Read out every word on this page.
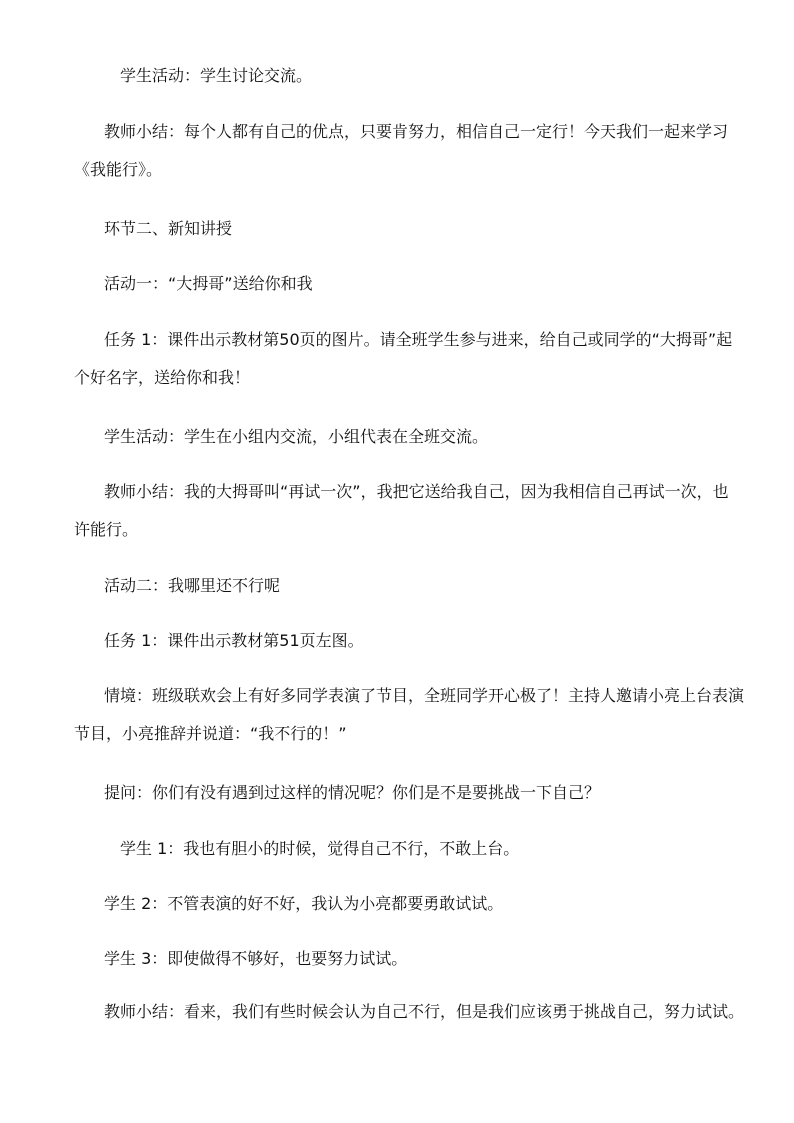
学生活动：学生讨论交流。

教师小结：每个人都有自己的优点，只要肯努力，相信自己一定行！今天我们一起来学习《我能行》。

环节二、新知讲授

活动一：“大拇哥”送给你和我

任务 1：课件出示教材第50页的图片。请全班学生参与进来，给自己或同学的“大拇哥”起个好名字，送给你和我！

学生活动：学生在小组内交流，小组代表在全班交流。

教师小结：我的大拇哥叫“再试一次”，我把它送给我自己，因为我相信自己再试一次，也许能行。

活动二：我哪里还不行呢

任务 1：课件出示教材第51页左图。

情境：班级联欢会上有好多同学表演了节目，全班同学开心极了！主持人邀请小亮上台表演节目，小亮推辞并说道：“我不行的！”

提问：你们有没有遇到过这样的情况呢？你们是不是要挑战一下自己？

学生 1：我也有胆小的时候，觉得自己不行，不敢上台。

学生 2：不管表演的好不好，我认为小亮都要勇敢试试。

学生 3：即使做得不够好，也要努力试试。

教师小结：看来，我们有些时候会认为自己不行，但是我们应该勇于挑战自己，努力试试。
